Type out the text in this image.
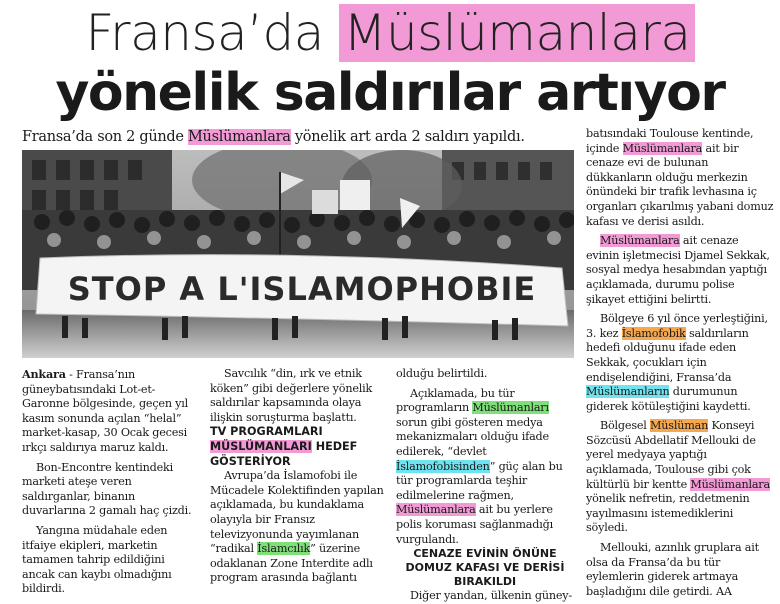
Fransa’da Müslümanlara
yönelik saldırılar artıyor
Fransa’da son 2 günde Müslümanlara yönelik art arda 2 saldırı yapıldı.
STOP A L'ISLAMOPHOBIE

Ankara - Fransa’nın güneybatısındaki Lot-et-Garonne bölgesinde, geçen yıl kasım sonunda açılan “helal” market-kasap, 30 Ocak gecesi ırkçı saldırıya maruz kaldı.

Bon-Encontre kentindeki marketi ateşe veren saldırganlar, binanın duvarlarına 2 gamalı haç çizdi.

Yangına müdahale eden itfaiye ekipleri, marketin tamamen tahrip edildiğini ancak can kaybı olmadığını bildirdi.

Savcılık “din, ırk ve etnik köken” gibi değerlere yönelik saldırılar kapsamında olaya ilişkin soruşturma başlattı.

TV PROGRAMLARI
MÜSLÜMANLARI HEDEF GÖSTERİYOR

Avrupa’da İslamofobi ile Mücadele Kolektifinden yapılan açıklamada, bu kundaklama olayıyla bir Fransız televizyonunda yayımlanan “radikal İslamcılık” üzerine odaklanan Zone Interdite adlı program arasında bağlantı

olduğu belirtildi.

Açıklamada, bu tür programların Müslümanları sorun gibi gösteren medya mekanizmaları olduğu ifade edilerek, “devlet İslamofobisinden” güç alan bu tür programlarda teşhir edilmelerine rağmen, Müslümanlara ait bu yerlere polis koruması sağlanmadığı vurgulandı.

CENAZE EVİNİN ÖNÜNE DOMUZ KAFASI VE DERİSİ BIRAKILDI

Diğer yandan, ülkenin güney-

batısındaki Toulouse kentinde, içinde Müslümanlara ait bir cenaze evi de bulunan dükkanların olduğu merkezin önündeki bir trafik levhasına iç organları çıkarılmış yabani domuz kafası ve derisi asıldı.

Müslümanlara ait cenaze evinin işletmecisi Djamel Sekkak, sosyal medya hesabından yaptığı açıklamada, durumu polise şikayet ettiğini belirtti.

Bölgeye 6 yıl önce yerleştiğini, 3. kez İslamofobik saldırıların hedefi olduğunu ifade eden Sekkak, çocukları için endişelendiğini, Fransa’da Müslümanların durumunun giderek kötüleştiğini kaydetti.

Bölgesel Müslüman Konseyi Sözcüsü Abdellatif Mellouki de yerel medyaya yaptığı açıklamada, Toulouse gibi çok kültürlü bir kentte Müslümanlara yönelik nefretin, reddetmenin yayılmasını istemediklerini söyledi.

Mellouki, azınlık gruplara ait olsa da Fransa’da bu tür eylemlerin giderek artmaya başladığını dile getirdi. AA
